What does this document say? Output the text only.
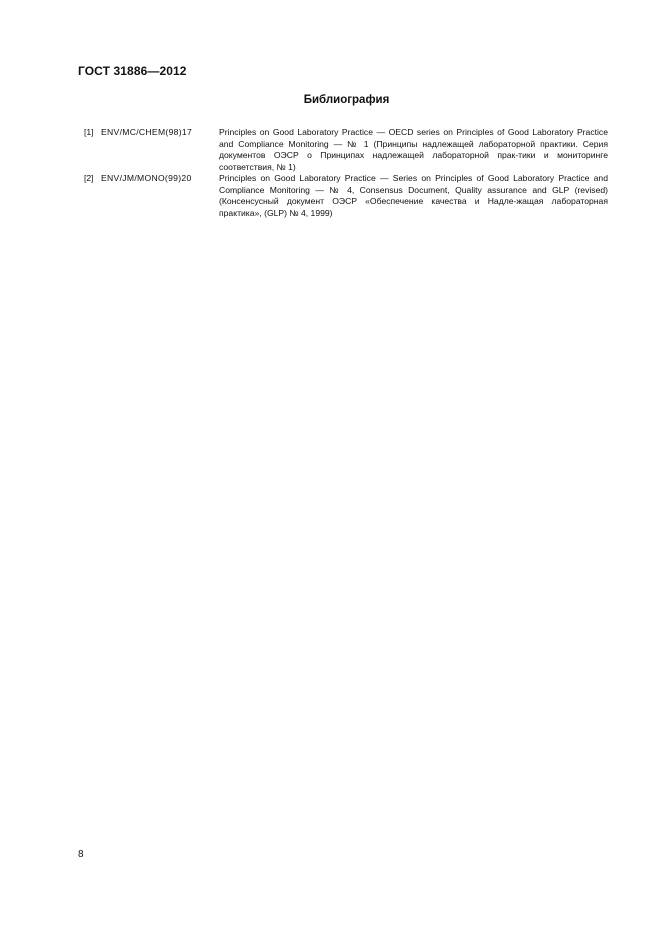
ГОСТ 31886—2012
Библиография
[1] ENV/MC/CHEM(98)17	Principles on Good Laboratory Practice — OECD series on Principles of Good Laboratory Practice and Compliance Monitoring — № 1 (Принципы надлежащей лабораторной практики. Серия документов ОЭСР о Принципах надлежащей лабораторной прак-тики и мониторинге соответствия, № 1)
[2] ENV/JM/MONO(99)20	Principles on Good Laboratory Practice — Series on Principles of Good Laboratory Practice and Compliance Monitoring — № 4, Consensus Document, Quality assurance and GLP (revised) (Консенсусный документ ОЭСР «Обеспечение качества и Надле-жащая лабораторная практика», (GLP) № 4, 1999)
8
